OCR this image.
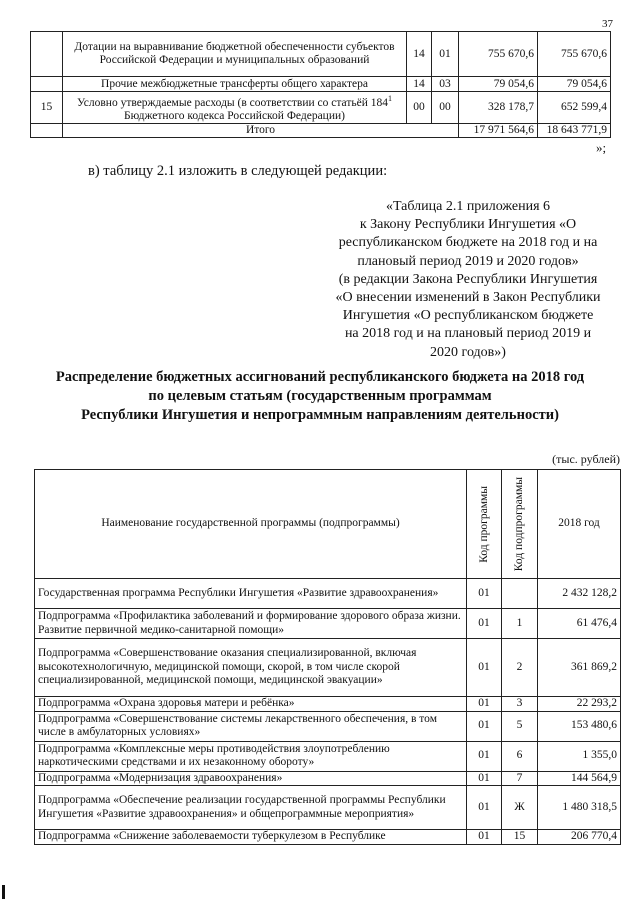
37
	Дотации на выравнивание бюджетной обеспеченности субъектов Российской Федерации и муниципальных образований	14	01	755 670,6	755 670,6
	Прочие межбюджетные трансферты общего характера	14	03	79 054,6	79 054,6
15	Условно утверждаемые расходы (в соответствии со статьёй $184^1$ Бюджетного кодекса Российской Федерации)	00	00	328 178,7	652 599,4
	Итого			17 971 564,6	18 643 771,9
»;
в) таблицу 2.1 изложить в следующей редакции:
«Таблица 2.1 приложения 6
к Закону Республики Ингушетия «О
республиканском бюджете на 2018 год и на
плановый период 2019 и 2020 годов»
(в редакции Закона Республики Ингушетия
«О внесении изменений в Закон Республики
Ингушетия «О республиканском бюджете
на 2018 год и на плановый период 2019 и
2020 годов»)
Распределение бюджетных ассигнований республиканского бюджета на 2018 год
по целевым статьям (государственным программам
Республики Ингушетия и непрограммным направлениям деятельности)
(тыс. рублей)
Наименование государственной программы (подпрограммы)	Код программы	Код подпрограммы	2018 год
Государственная программа Республики Ингушетия «Развитие здравоохранения»	01		2 432 128,2
Подпрограмма «Профилактика заболеваний и формирование здорового образа жизни. Развитие первичной медико-санитарной помощи»	01	1	61 476,4
Подпрограмма «Совершенствование оказания специализированной, включая высокотехнологичную, медицинской помощи, скорой, в том числе скорой специализированной, медицинской помощи, медицинской эвакуации»	01	2	361 869,2
Подпрограмма «Охрана здоровья матери и ребёнка»	01	3	22 293,2
Подпрограмма «Совершенствование системы лекарственного обеспечения, в том числе в амбулаторных условиях»	01	5	153 480,6
Подпрограмма «Комплексные меры противодействия злоупотреблению наркотическими средствами и их незаконному обороту»	01	6	1 355,0
Подпрограмма «Модернизация здравоохранения»	01	7	144 564,9
Подпрограмма «Обеспечение реализации государственной программы Республики Ингушетия «Развитие здравоохранения» и общепрограммные мероприятия»	01	Ж	1 480 318,5
Подпрограмма «Снижение заболеваемости туберкулезом в Республике	01	15	206 770,4
